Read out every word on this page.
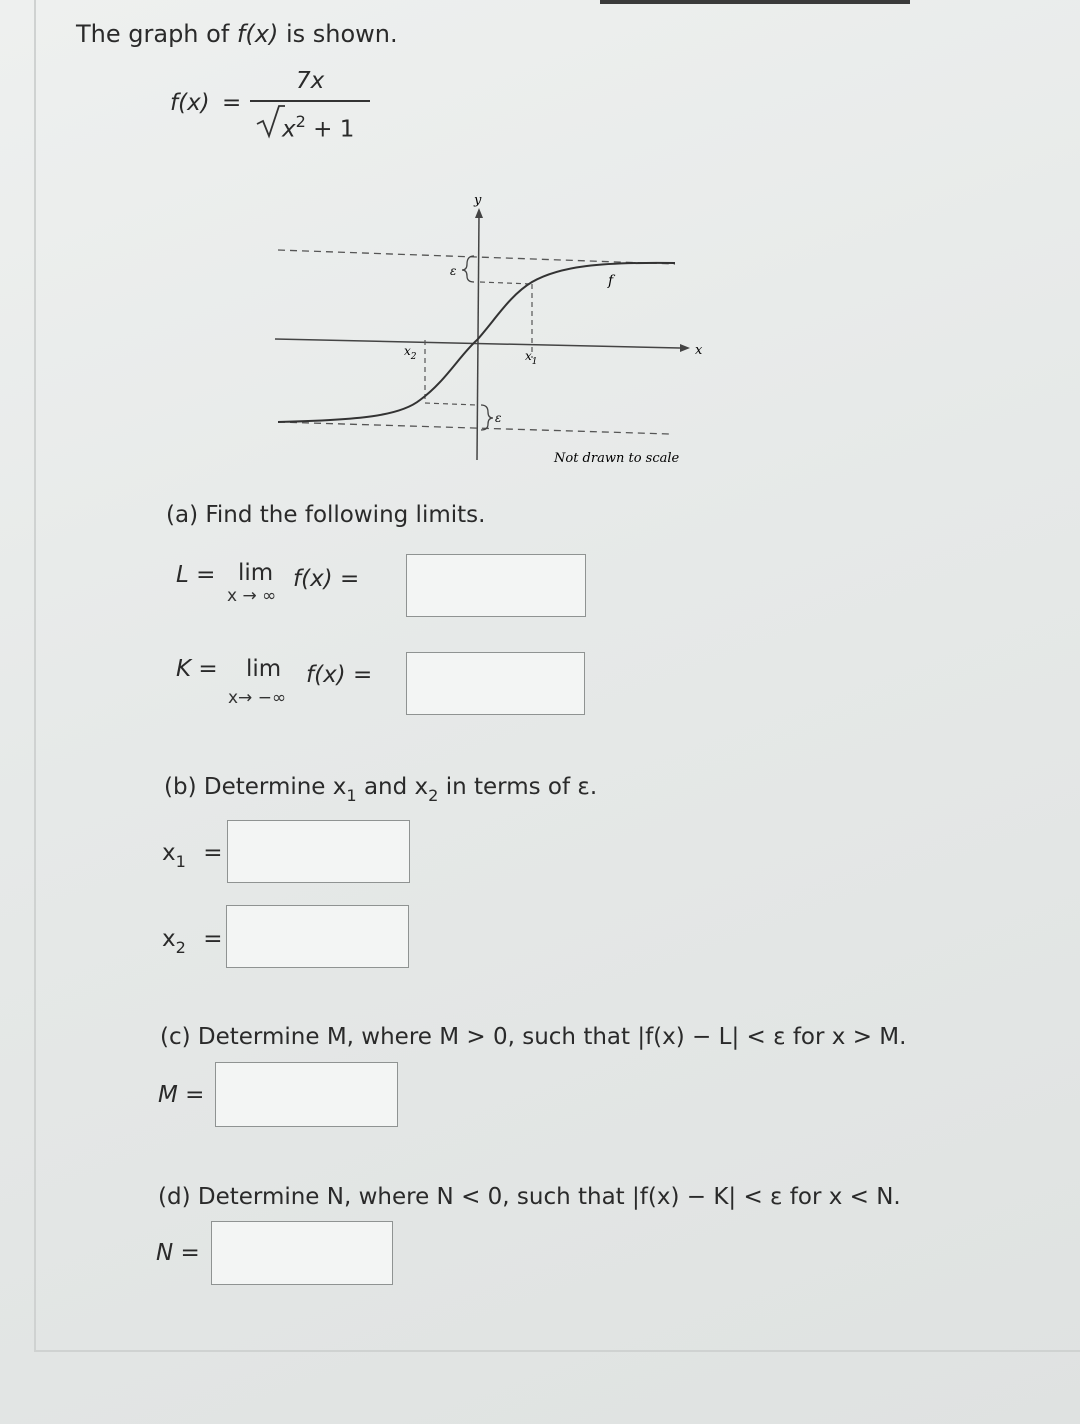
The graph of f(x) is shown.
f(x) =
7x
$x^2 + 1$
y
x
f
ε
ε
$x_1$
$x_2$
Not drawn to scale
(a) Find the following limits.
L = lim
x → ∞
f(x) =
K = lim
x→ −∞
f(x) =
(b) Determine $x_1$ and $x_2$ in terms of ε.
$x_1$ =
$x_2$ =
(c) Determine M, where M > 0, such that |f(x) − L| < ε for x > M.
M =
(d) Determine N, where N < 0, such that |f(x) − K| < ε for x < N.
N =
